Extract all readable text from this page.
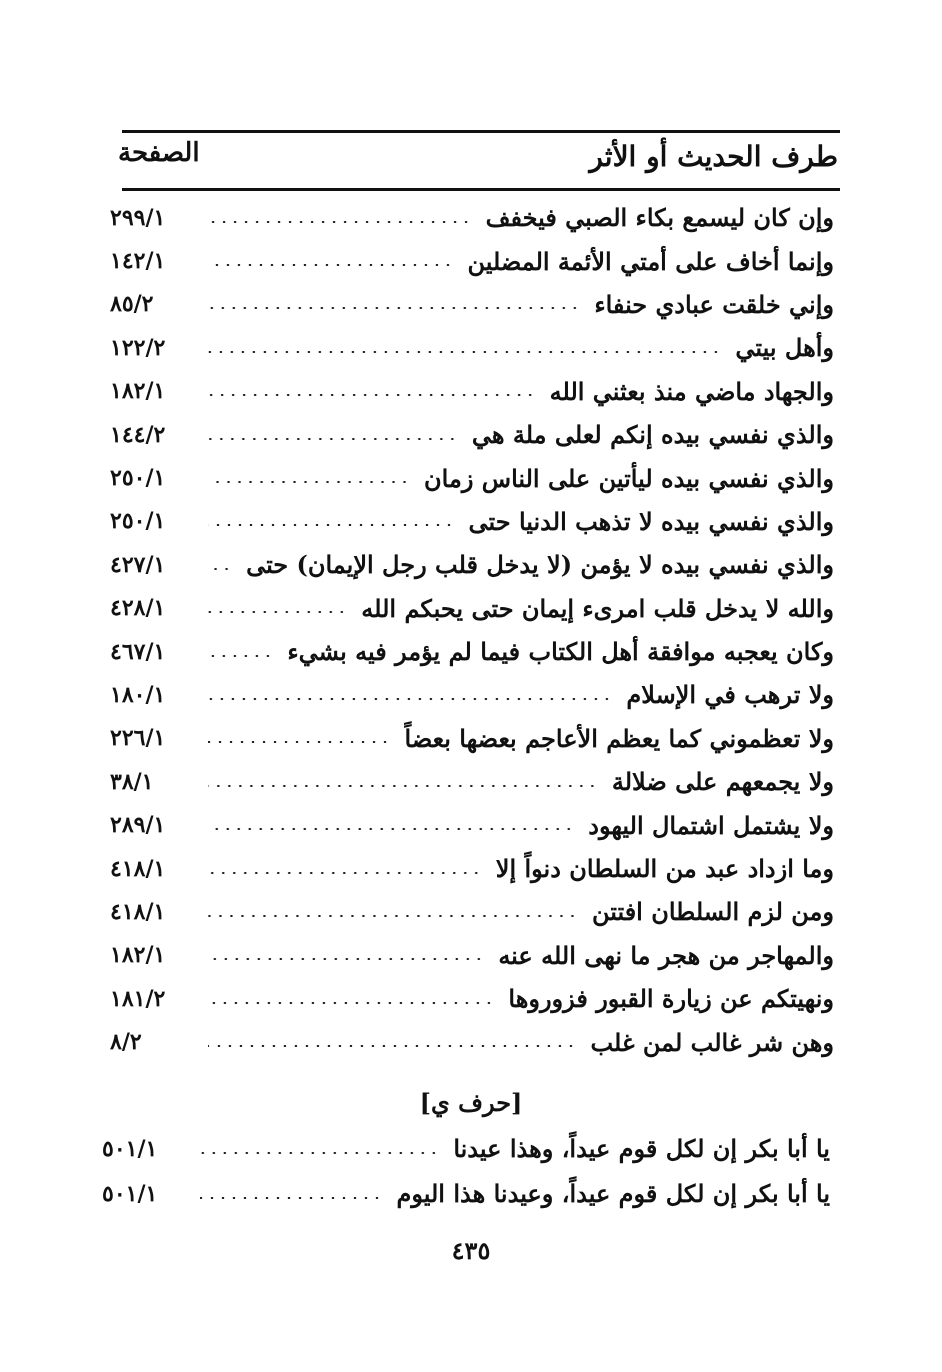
الصفحة	طرف الحديث أو الأثر
٢٩٩/١	وإن كان ليسمع بكاء الصبي فيخفف
١٤٢/١	وإنما أخاف على أمتي الأئمة المضلين
٨٥/٢	وإني خلقت عبادي حنفاء
١٢٢/٢	وأهل بيتي
١٨٢/١	والجهاد ماضي منذ بعثني الله
١٤٤/٢	والذي نفسي بيده إنكم لعلى ملة هي
٢٥٠/١	والذي نفسي بيده ليأتين على الناس زمان
٢٥٠/١	والذي نفسي بيده لا تذهب الدنيا حتى
٤٢٧/١	والذي نفسي بيده لا يؤمن (لا يدخل قلب رجل الإيمان) حتى
٤٢٨/١	والله لا يدخل قلب امرىء إيمان حتى يحبكم الله
٤٦٧/١	وكان يعجبه موافقة أهل الكتاب فيما لم يؤمر فيه بشيء
١٨٠/١	ولا ترهب في الإسلام
٢٢٦/١	ولا تعظموني كما يعظم الأعاجم بعضها بعضاً
٣٨/١	ولا يجمعهم على ضلالة
٢٨٩/١	ولا يشتمل اشتمال اليهود
٤١٨/١	وما ازداد عبد من السلطان دنواً إلا
٤١٨/١	ومن لزم السلطان افتتن
١٨٢/١	والمهاجر من هجر ما نهى الله عنه
١٨١/٢	ونهيتكم عن زيارة القبور فزوروها
٨/٢	وهن شر غالب لمن غلب
[حرف ي]
٥٠١/١	يا أبا بكر إن لكل قوم عيداً، وهذا عيدنا
٥٠١/١	يا أبا بكر إن لكل قوم عيداً، وعيدنا هذا اليوم
٤٣٥
